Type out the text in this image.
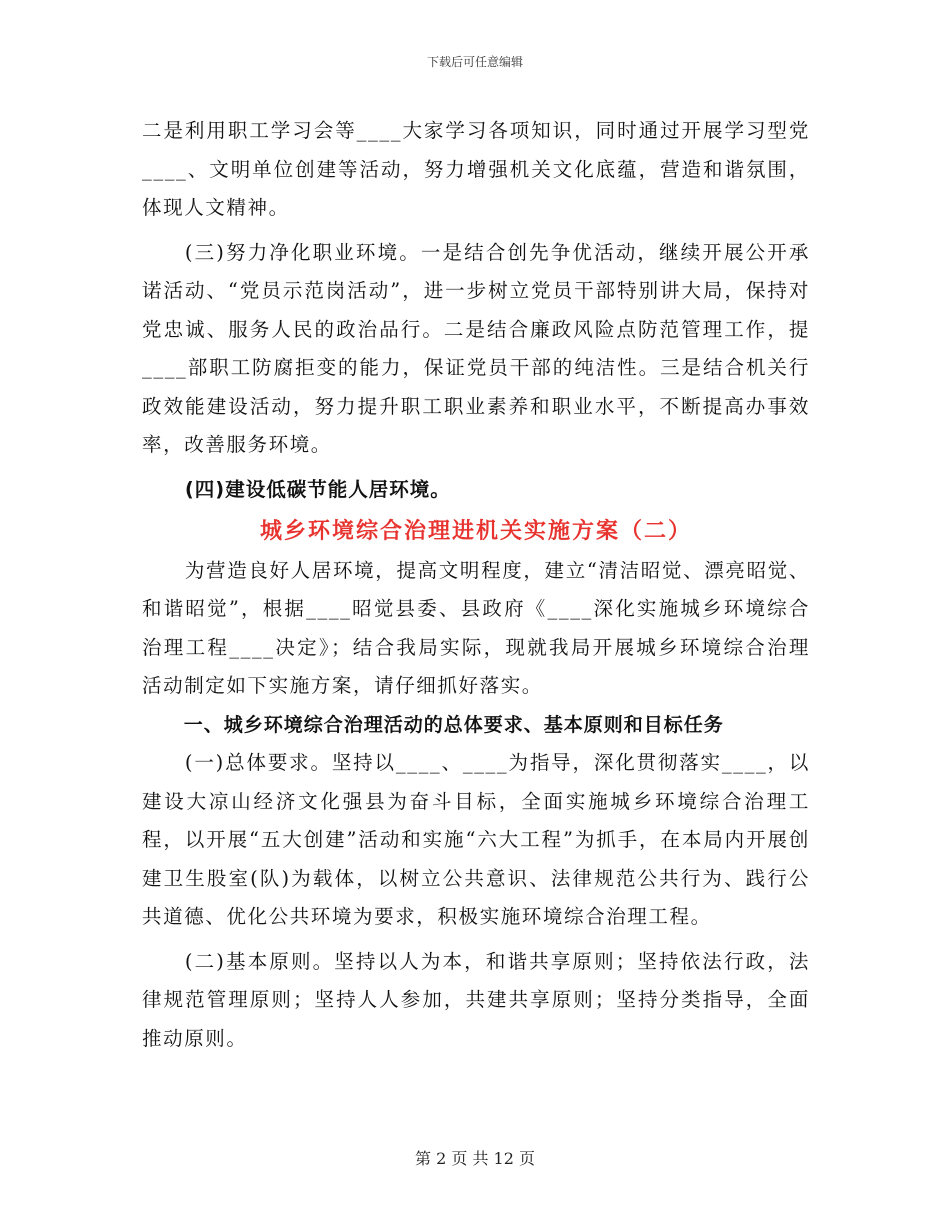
下载后可任意编辑

二是利用职工学习会等____大家学习各项知识，同时通过开展学习型党____、文明单位创建等活动，努力增强机关文化底蕴，营造和谐氛围，体现人文精神。

(三)努力净化职业环境。一是结合创先争优活动，继续开展公开承诺活动、“党员示范岗活动”，进一步树立党员干部特别讲大局，保持对党忠诚、服务人民的政治品行。二是结合廉政风险点防范管理工作，提____部职工防腐拒变的能力，保证党员干部的纯洁性。三是结合机关行政效能建设活动，努力提升职工职业素养和职业水平，不断提高办事效率，改善服务环境。

(四)建设低碳节能人居环境。

城乡环境综合治理进机关实施方案（二）

为营造良好人居环境，提高文明程度，建立“清洁昭觉、漂亮昭觉、和谐昭觉”，根据____昭觉县委、县政府《____深化实施城乡环境综合治理工程____决定》；结合我局实际，现就我局开展城乡环境综合治理活动制定如下实施方案，请仔细抓好落实。

一、城乡环境综合治理活动的总体要求、基本原则和目标任务

(一)总体要求。坚持以____、____为指导，深化贯彻落实____，以建设大凉山经济文化强县为奋斗目标，全面实施城乡环境综合治理工程，以开展“五大创建”活动和实施“六大工程”为抓手，在本局内开展创建卫生股室(队)为载体，以树立公共意识、法律规范公共行为、践行公共道德、优化公共环境为要求，积极实施环境综合治理工程。

(二)基本原则。坚持以人为本，和谐共享原则；坚持依法行政，法律规范管理原则；坚持人人参加，共建共享原则；坚持分类指导，全面推动原则。

第 2 页 共 12 页
